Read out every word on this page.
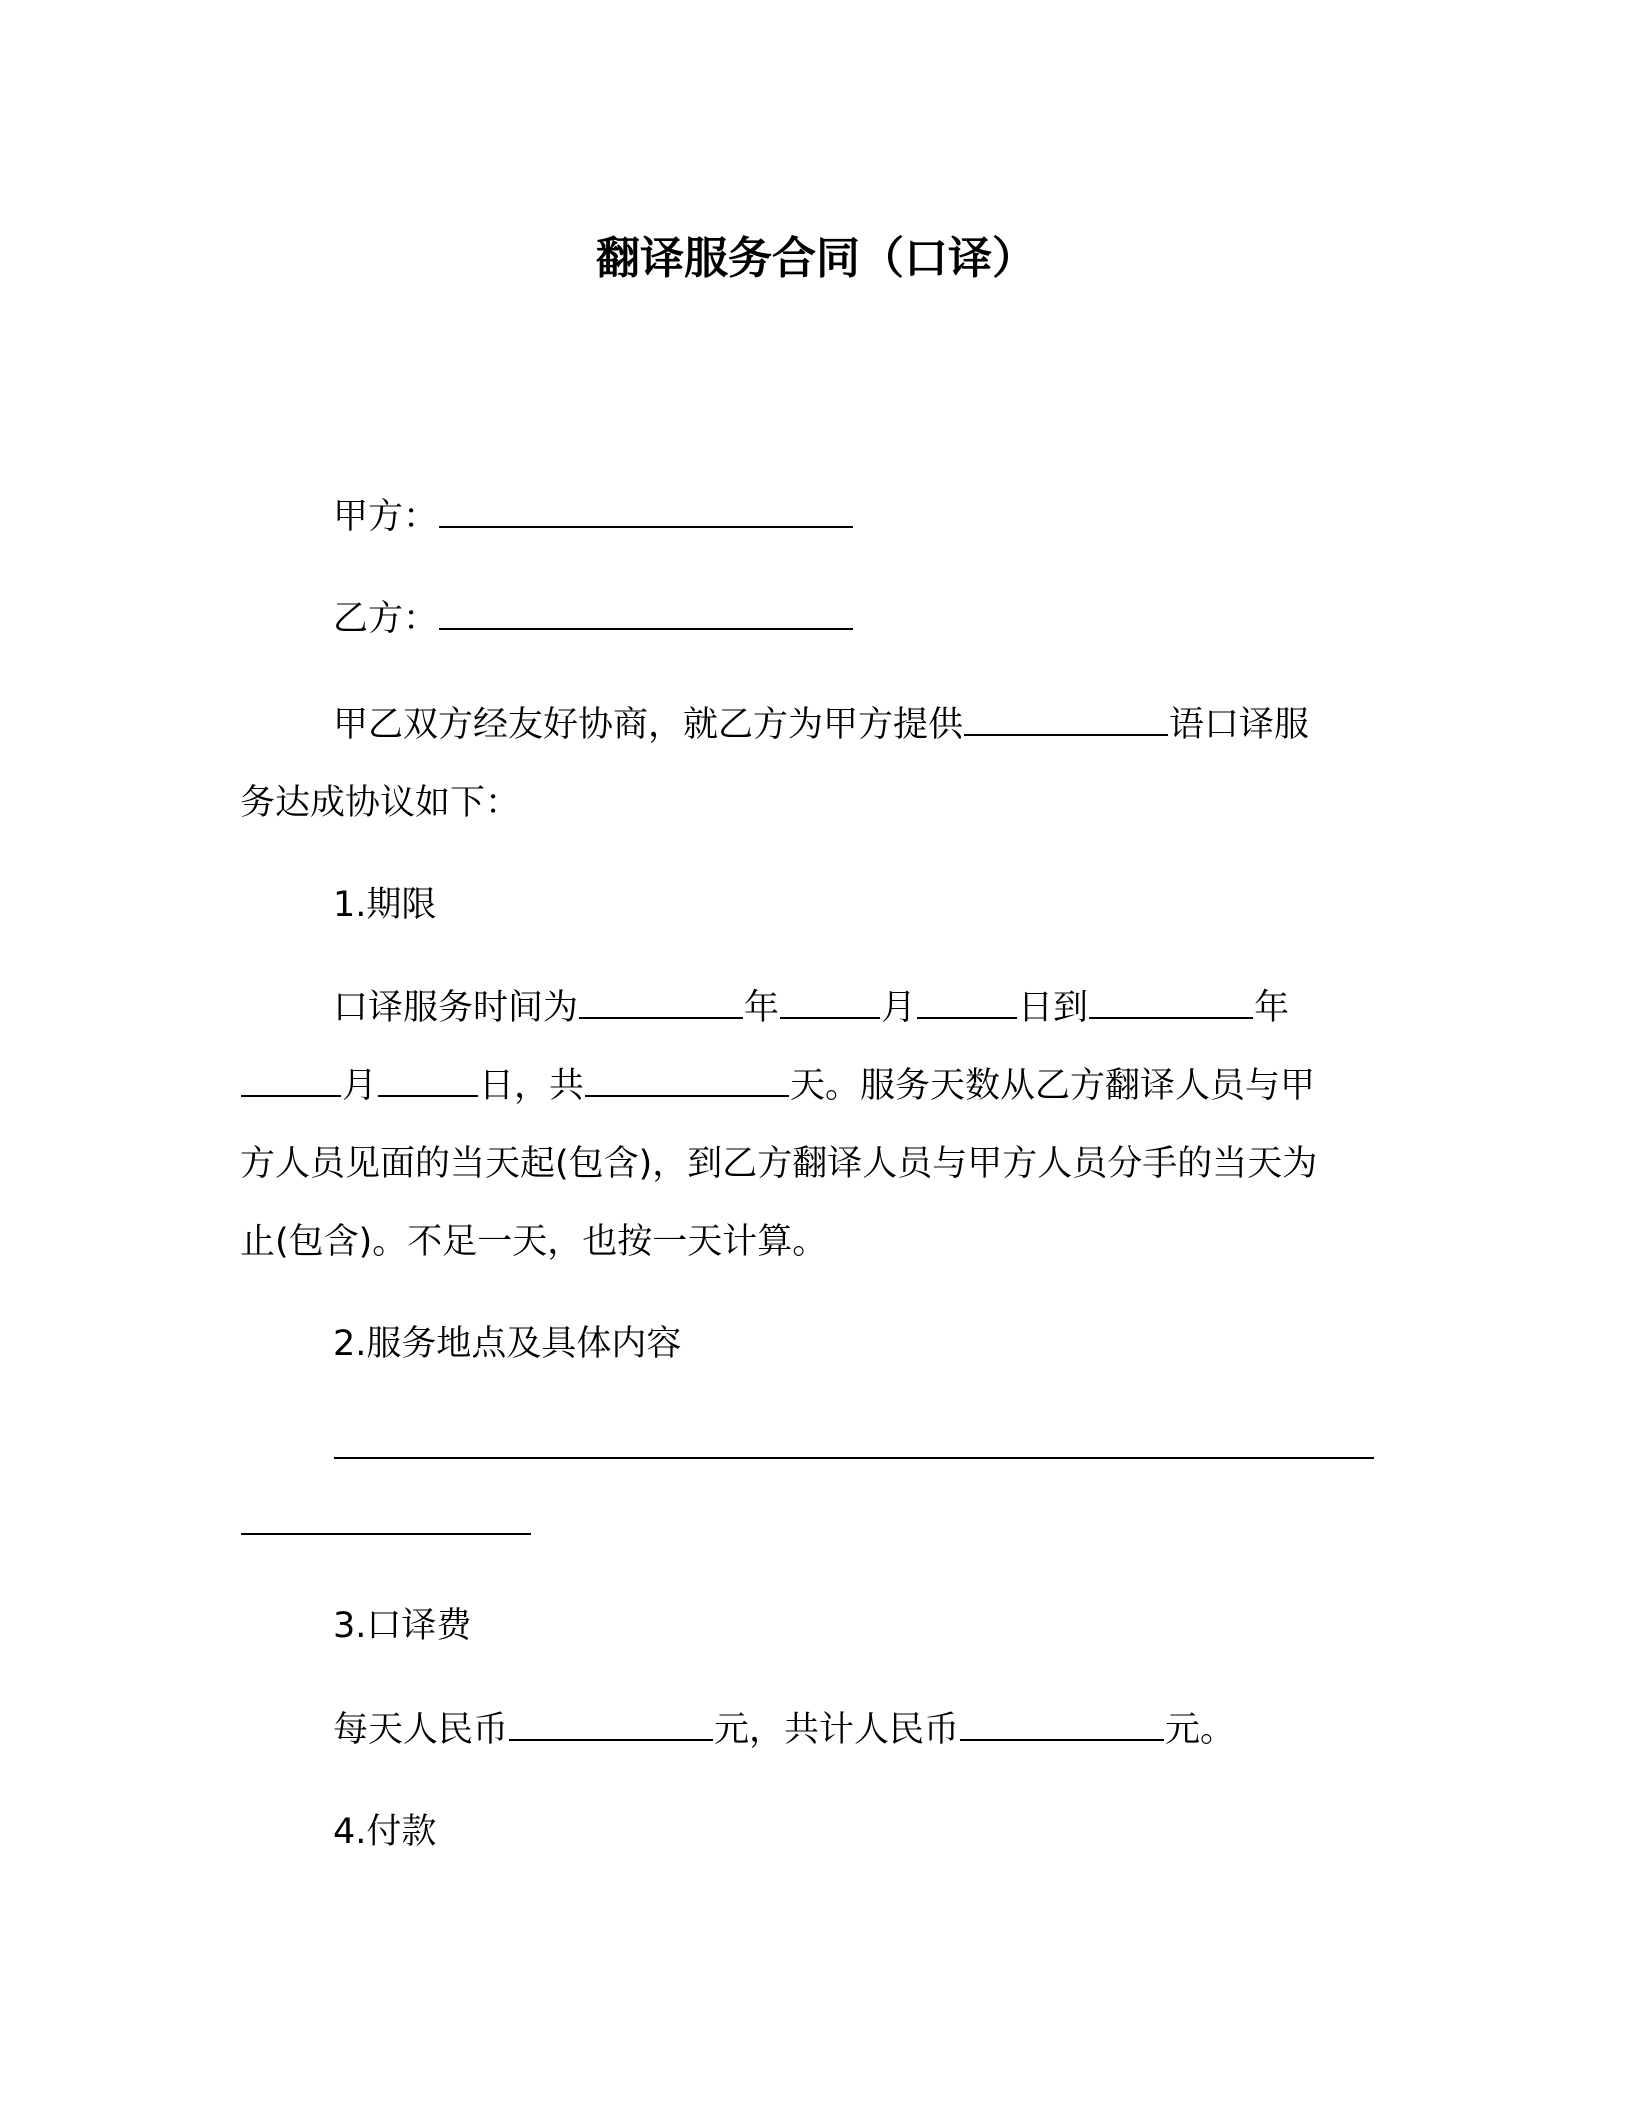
翻译服务合同（口译）
甲方：
乙方：
甲乙双方经友好协商，就乙方为甲方提供	语口译服
务达成协议如下：
1.期限
口译服务时间为	年	月	日到	年
月	日，共	天。服务天数从乙方翻译人员与甲
方人员见面的当天起(包含)，到乙方翻译人员与甲方人员分手的当天为
止(包含)。不足一天，也按一天计算。
2.服务地点及具体内容
3.口译费
每天人民币	元，共计人民币	元。
4.付款
